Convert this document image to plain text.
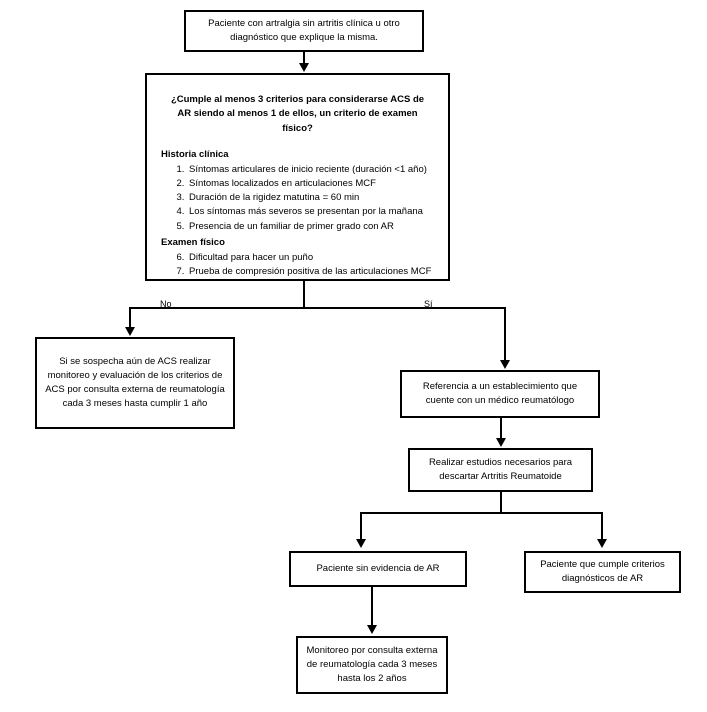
Paciente con artralgia sin artritis clínica u otro diagnóstico que explique la misma.
¿Cumple al menos 3 criterios para considerarse ACS de AR siendo al menos 1 de ellos, un criterio de examen físico?
Historia clínica
1. Síntomas articulares de inicio reciente (duración <1 año)
2. Síntomas localizados en articulaciones MCF
3. Duración de la rigidez matutina = 60 min
4. Los síntomas más severos se presentan por la mañana
5. Presencia de un familiar de primer grado con AR
Examen físico
6. Dificultad para hacer un puño
7. Prueba de compresión positiva de las articulaciones MCF
No	Sí
Si se sospecha aún de ACS realizar monitoreo y evaluación de los criterios de ACS por consulta externa de reumatología cada 3 meses hasta cumplir 1 año
Referencia a un establecimiento que cuente con un médico reumatólogo
Realizar estudios necesarios para descartar Artritis Reumatoide
Paciente sin evidencia de AR	Paciente que cumple criterios diagnósticos de AR
Monitoreo por consulta externa de reumatología cada 3 meses hasta los 2 años
